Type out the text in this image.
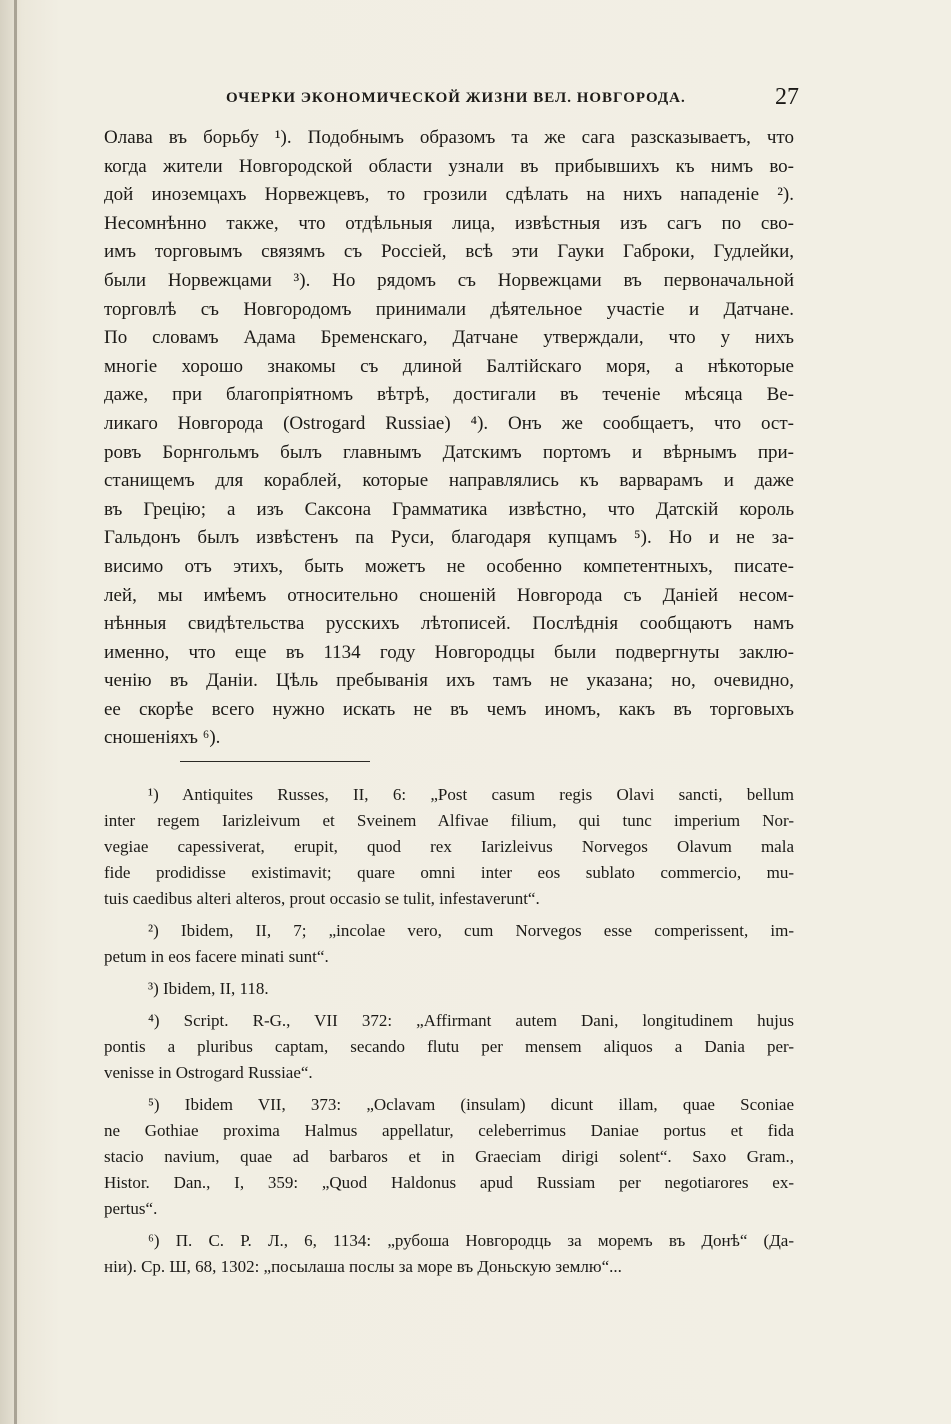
ОЧЕРКИ ЭКОНОМИЧЕСКОЙ ЖИЗНИ ВЕЛ. НОВГОРОДА.	27
Олава въ борьбу ¹). Подобнымъ образомъ та же сага разсказываетъ, что
когда жители Новгородской области узнали въ прибывшихъ къ нимъ во-
дой иноземцахъ Норвежцевъ, то грозили сдѣлать на нихъ нападеніе ²).
Несомнѣнно также, что отдѣльныя лица, извѣстныя изъ сагъ по сво-
имъ торговымъ связямъ съ Россіей, всѣ эти Гауки Габроки, Гудлейки,
были Норвежцами ³). Но рядомъ съ Норвежцами въ первоначальной
торговлѣ съ Новгородомъ принимали дѣятельное участіе и Датчане.
По словамъ Адама Бременскаго, Датчане утверждали, что у нихъ
многіе хорошо знакомы съ длиной Балтійскаго моря, а нѣкоторые
даже, при благопріятномъ вѣтрѣ, достигали въ теченіе мѣсяца Ве-
ликаго Новгорода (Ostrogard Russiae) ⁴). Онъ же сообщаетъ, что ост-
ровъ Борнгольмъ былъ главнымъ Датскимъ портомъ и вѣрнымъ при-
станищемъ для кораблей, которые направлялись къ варварамъ и даже
въ Грецію; а изъ Саксона Грамматика извѣстно, что Датскій король
Гальдонъ былъ извѣстенъ па Руси, благодаря купцамъ ⁵). Но и не за-
висимо отъ этихъ, быть можетъ не особенно компетентныхъ, писате-
лей, мы имѣемъ относительно сношеній Новгорода съ Даніей несом-
нѣнныя свидѣтельства русскихъ лѣтописей. Послѣднія сообщаютъ намъ
именно, что еще въ 1134 году Новгородцы были подвергнуты заклю-
ченію въ Даніи. Цѣль пребыванія ихъ тамъ не указана; но, очевидно,
ее скорѣе всего нужно искать не въ чемъ иномъ, какъ въ торговыхъ
сношеніяхъ ⁶).
¹) Antiquites Russes, II, 6: „Post casum regis Olavi sancti, bellum
inter regem Iarizleivum et Sveinem Alfivae filium, qui tunc imperium Nor-
vegiae capessiverat, erupit, quod rex Iarizleivus Norvegos Olavum mala
fide prodidisse existimavit; quare omni inter eos sublato commercio, mu-
tuis caedibus alteri alteros, prout occasio se tulit, infestaverunt“.
²) Ibidem, II, 7; „incolae vero, cum Norvegos esse comperissent, im-
petum in eos facere minati sunt“.
³) Ibidem, II, 118.
⁴) Script. R-G., VII 372: „Affirmant autem Dani, longitudinem hujus
pontis a pluribus captam, secando flutu per mensem aliquos a Dania per-
venisse in Ostrogard Russiae“.
⁵) Ibidem VII, 373: „Oclavam (insulam) dicunt illam, quae Sconiae
ne Gothiae proxima Halmus appellatur, celeberrimus Daniae portus et fida
stacio navium, quae ad barbaros et in Graeciam dirigi solent“. Saxo Gram.,
Histor. Dan., I, 359: „Quod Haldonus apud Russiam per negotiarores ex-
pertus“.
⁶) П. С. Р. Л., 6, 1134: „рубоша Новгородць за моремъ въ Донѣ“ (Да-
ніи). Ср. Ш, 68, 1302: „посылаша послы за море въ Доньскую землю“...
